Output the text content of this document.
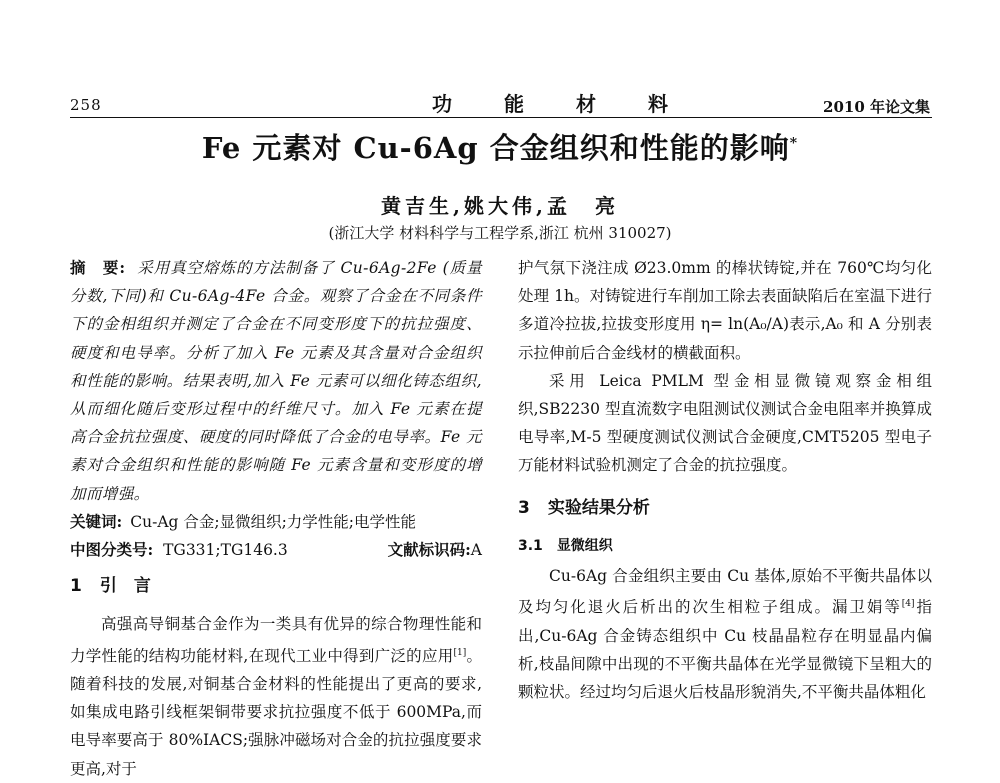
258	功能材料	2010 年论文集
Fe 元素对 Cu-6Ag 合金组织和性能的影响*
黄吉生,姚大伟,孟　亮
(浙江大学 材料科学与工程学系,浙江 杭州 310027)
摘　要: 采用真空熔炼的方法制备了 Cu-6Ag-2Fe (质量分数,下同)和 Cu-6Ag-4Fe 合金。观察了合金在不同条件下的金相组织并测定了合金在不同变形度下的抗拉强度、硬度和电导率。分析了加入 Fe 元素及其含量对合金组织和性能的影响。结果表明,加入 Fe 元素可以细化铸态组织,从而细化随后变形过程中的纤维尺寸。加入 Fe 元素在提高合金抗拉强度、硬度的同时降低了合金的电导率。Fe 元素对合金组织和性能的影响随 Fe 元素含量和变形度的增加而增强。
关键词: Cu-Ag 合金;显微组织;力学性能;电学性能
中图分类号: TG331;TG146.3	文献标识码:A
1 引　言

高强高导铜基合金作为一类具有优异的综合物理性能和力学性能的结构功能材料,在现代工业中得到广泛的应用[1]。随着科技的发展,对铜基合金材料的性能提出了更高的要求,如集成电路引线框架铜带要求抗拉强度不低于 600MPa,而电导率要高于 80%IACS;强脉冲磁场对合金的抗拉强度要求更高,对于

护气氛下浇注成 Ø23.0mm 的棒状铸锭,并在 760℃均匀化处理 1h。对铸锭进行车削加工除去表面缺陷后在室温下进行多道冷拉拔,拉拔变形度用 η= ln(A₀/A)表示,A₀ 和 A 分别表示拉伸前后合金线材的横截面积。

采用 Leica PMLM 型金相显微镜观察金相组织,SB2230 型直流数字电阻测试仪测试合金电阻率并换算成电导率,M-5 型硬度测试仪测试合金硬度,CMT5205 型电子万能材料试验机测定了合金的抗拉强度。

3 实验结果分析
3.1 显微组织

Cu-6Ag 合金组织主要由 Cu 基体,原始不平衡共晶体以及均匀化退火后析出的次生相粒子组成。漏卫娟等[4]指出,Cu-6Ag 合金铸态组织中 Cu 枝晶晶粒存在明显晶内偏析,枝晶间隙中出现的不平衡共晶体在光学显微镜下呈粗大的颗粒状。经过均匀后退火后枝晶形貌消失,不平衡共晶体粗化
